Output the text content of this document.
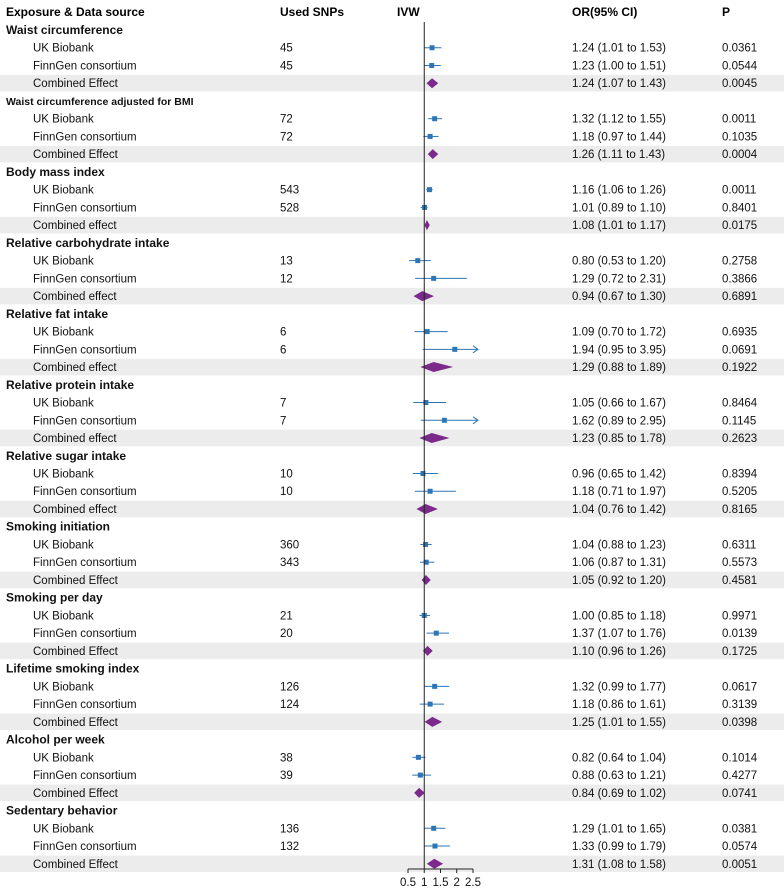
Exposure & Data source	Used SNPs	IVW	OR(95% CI)	P
Waist circumference
UK Biobank	45	1.24 (1.01 to 1.53)	0.0361
FinnGen consortium	45	1.23 (1.00 to 1.51)	0.0544
Combined Effect	1.24 (1.07 to 1.43)	0.0045
Waist circumference adjusted for BMI
UK Biobank	72	1.32 (1.12 to 1.55)	0.0011
FinnGen consortium	72	1.18 (0.97 to 1.44)	0.1035
Combined Effect	1.26 (1.11 to 1.43)	0.0004
Body mass index
UK Biobank	543	1.16 (1.06 to 1.26)	0.0011
FinnGen consortium	528	1.01 (0.89 to 1.10)	0.8401
Combined effect	1.08 (1.01 to 1.17)	0.0175
Relative carbohydrate intake
UK Biobank	13	0.80 (0.53 to 1.20)	0.2758
FinnGen consortium	12	1.29 (0.72 to 2.31)	0.3866
Combined effect	0.94 (0.67 to 1.30)	0.6891
Relative fat intake
UK Biobank	6	1.09 (0.70 to 1.72)	0.6935
FinnGen consortium	6	1.94 (0.95 to 3.95)	0.0691
Combined effect	1.29 (0.88 to 1.89)	0.1922
Relative protein intake
UK Biobank	7	1.05 (0.66 to 1.67)	0.8464
FinnGen consortium	7	1.62 (0.89 to 2.95)	0.1145
Combined effect	1.23 (0.85 to 1.78)	0.2623
Relative sugar intake
UK Biobank	10	0.96 (0.65 to 1.42)	0.8394
FinnGen consortium	10	1.18 (0.71 to 1.97)	0.5205
Combined effect	1.04 (0.76 to 1.42)	0.8165
Smoking initiation
UK Biobank	360	1.04 (0.88 to 1.23)	0.6311
FinnGen consortium	343	1.06 (0.87 to 1.31)	0.5573
Combined Effect	1.05 (0.92 to 1.20)	0.4581
Smoking per day
UK Biobank	21	1.00 (0.85 to 1.18)	0.9971
FinnGen consortium	20	1.37 (1.07 to 1.76)	0.0139
Combined Effect	1.10 (0.96 to 1.26)	0.1725
Lifetime smoking index
UK Biobank	126	1.32 (0.99 to 1.77)	0.0617
FinnGen consortium	124	1.18 (0.86 to 1.61)	0.3139
Combined Effect	1.25 (1.01 to 1.55)	0.0398
Alcohol per week
UK Biobank	38	0.82 (0.64 to 1.04)	0.1014
FinnGen consortium	39	0.88 (0.63 to 1.21)	0.4277
Combined Effect	0.84 (0.69 to 1.02)	0.0741
Sedentary behavior
UK Biobank	136	1.29 (1.01 to 1.65)	0.0381
FinnGen consortium	132	1.33 (0.99 to 1.79)	0.0574
Combined Effect	1.31 (1.08 to 1.58)	0.0051
0.5 1 1.5 2 2.5
